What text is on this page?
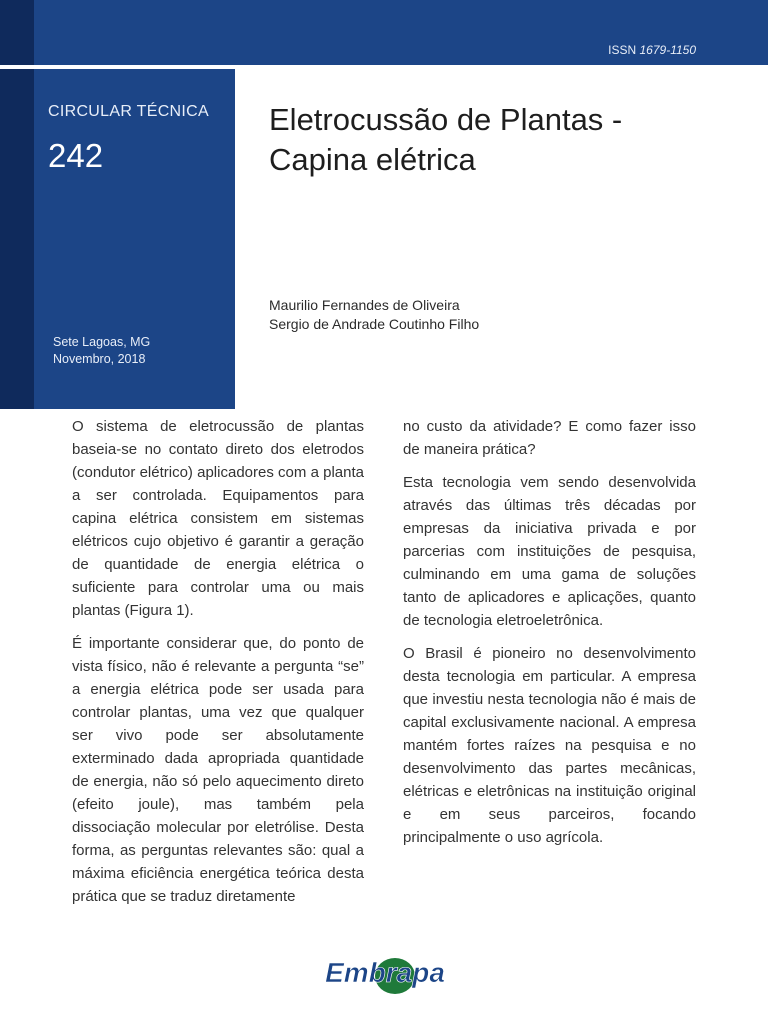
ISSN 1679-1150
CIRCULAR TÉCNICA
242
Sete Lagoas, MG
Novembro, 2018
Eletrocussão de Plantas -
Capina elétrica
Maurilio Fernandes de Oliveira
Sergio de Andrade Coutinho Filho

O sistema de eletrocussão de plantas baseia-se no contato direto dos eletrodos (condutor elétrico) aplicadores com a planta a ser controlada. Equipamentos para capina elétrica consistem em sistemas elétricos cujo objetivo é garantir a geração de quantidade de energia elétrica o suficiente para controlar uma ou mais plantas (Figura 1).

É importante considerar que, do ponto de vista físico, não é relevante a pergunta “se” a energia elétrica pode ser usada para controlar plantas, uma vez que qualquer ser vivo pode ser absolutamente exterminado dada apropriada quantidade de energia, não só pelo aquecimento direto (efeito joule), mas também pela dissociação molecular por eletrólise. Desta forma, as perguntas relevantes são: qual a máxima eficiência energética teórica desta prática que se traduz diretamente

no custo da atividade? E como fazer isso de maneira prática?

Esta tecnologia vem sendo desenvolvida através das últimas três décadas por empresas da iniciativa privada e por parcerias com instituições de pesquisa, culminando em uma gama de soluções tanto de aplicadores e aplicações, quanto de tecnologia eletroeletrônica.

O Brasil é pioneiro no desenvolvimento desta tecnologia em particular. A empresa que investiu nesta tecnologia não é mais de capital exclusivamente nacional. A empresa mantém fortes raízes na pesquisa e no desenvolvimento das partes mecânicas, elétricas e eletrônicas na instituição original e em seus parceiros, focando principalmente o uso agrícola.

Embrapa
